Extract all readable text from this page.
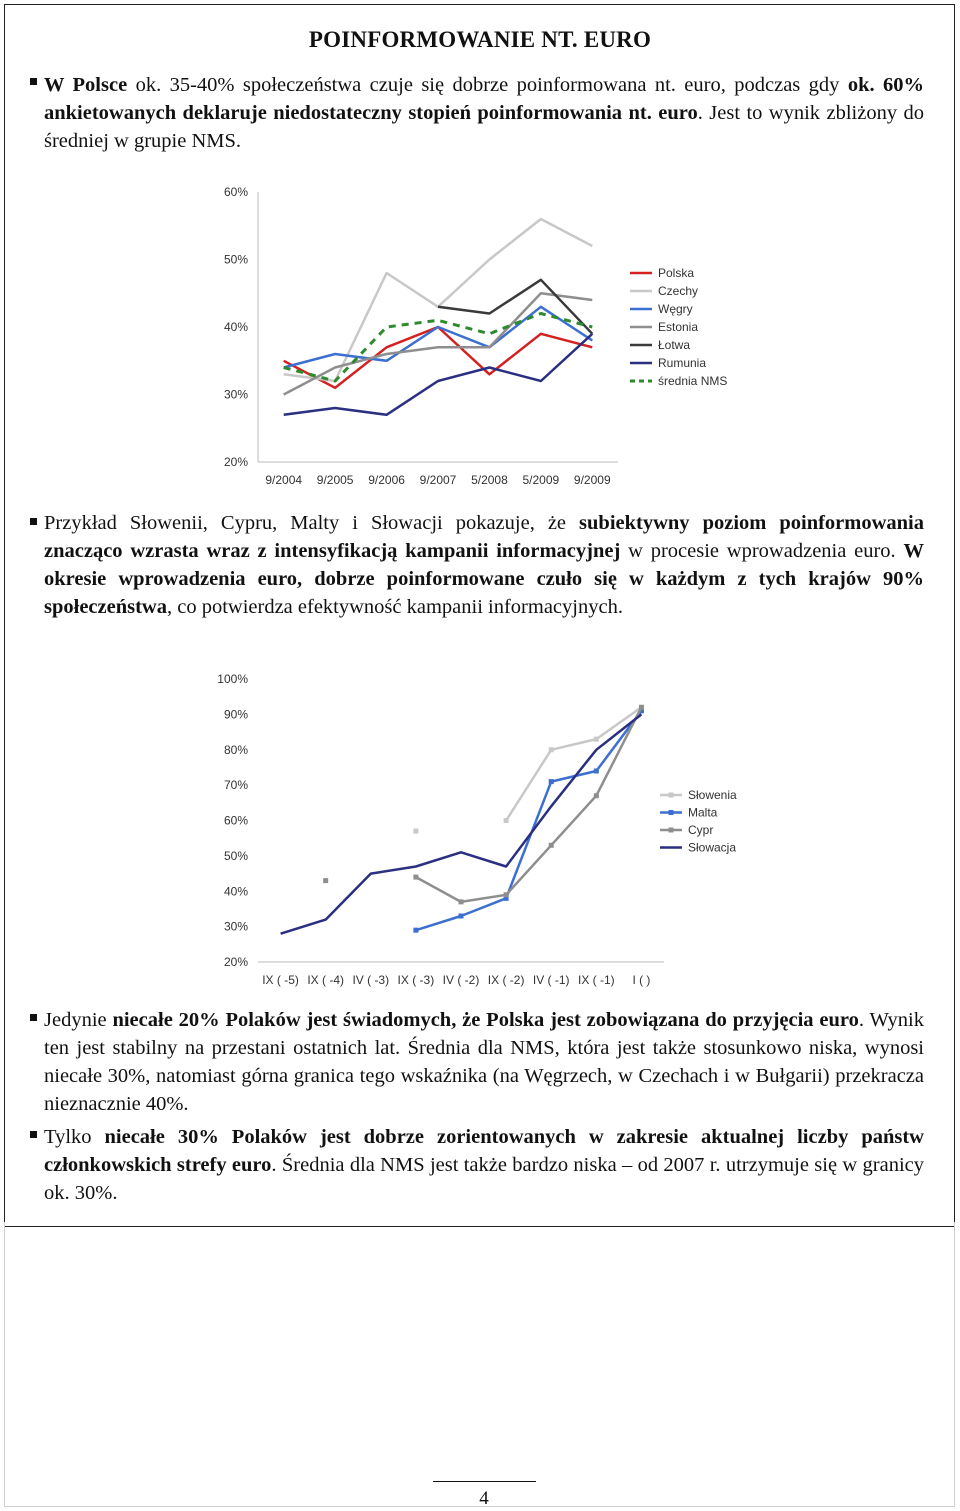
POINFORMOWANIE NT. EURO

W Polsce ok. 35-40% społeczeństwa czuje się dobrze poinformowana nt. euro, podczas gdy ok. 60% ankietowanych deklaruje niedostateczny stopień poinformowania nt. euro. Jest to wynik zbliżony do średniej w grupie NMS.

20%
30%
40%
50%
60%
9/2004 9/2005 9/2006 9/2007 5/2008 5/2009 9/2009
Polska
Czechy
Węgry
Estonia
Łotwa
Rumunia
średnia NMS

Przykład Słowenii, Cypru, Malty i Słowacji pokazuje, że subiektywny poziom poinformowania znacząco wzrasta wraz z intensyfikacją kampanii informacyjnej w procesie wprowadzenia euro. W okresie wprowadzenia euro, dobrze poinformowane czuło się w każdym z tych krajów 90% społeczeństwa, co potwierdza efektywność kampanii informacyjnych.

20%
30%
40%
50%
60%
70%
80%
90%
100%
IX ( -5) IX ( -4) IV ( -3) IX ( -3) IV ( -2) IX ( -2) IV ( -1) IX ( -1) I ( )
Słowenia
Malta
Cypr
Słowacja

Jedynie niecałe 20% Polaków jest świadomych, że Polska jest zobowiązana do przyjęcia euro. Wynik ten jest stabilny na przestani ostatnich lat. Średnia dla NMS, która jest także stosunkowo niska, wynosi niecałe 30%, natomiast górna granica tego wskaźnika (na Węgrzech, w Czechach i w Bułgarii) przekracza nieznacznie 40%.

Tylko niecałe 30% Polaków jest dobrze zorientowanych w zakresie aktualnej liczby państw członkowskich strefy euro. Średnia dla NMS jest także bardzo niska – od 2007 r. utrzymuje się w granicy ok. 30%.

4
